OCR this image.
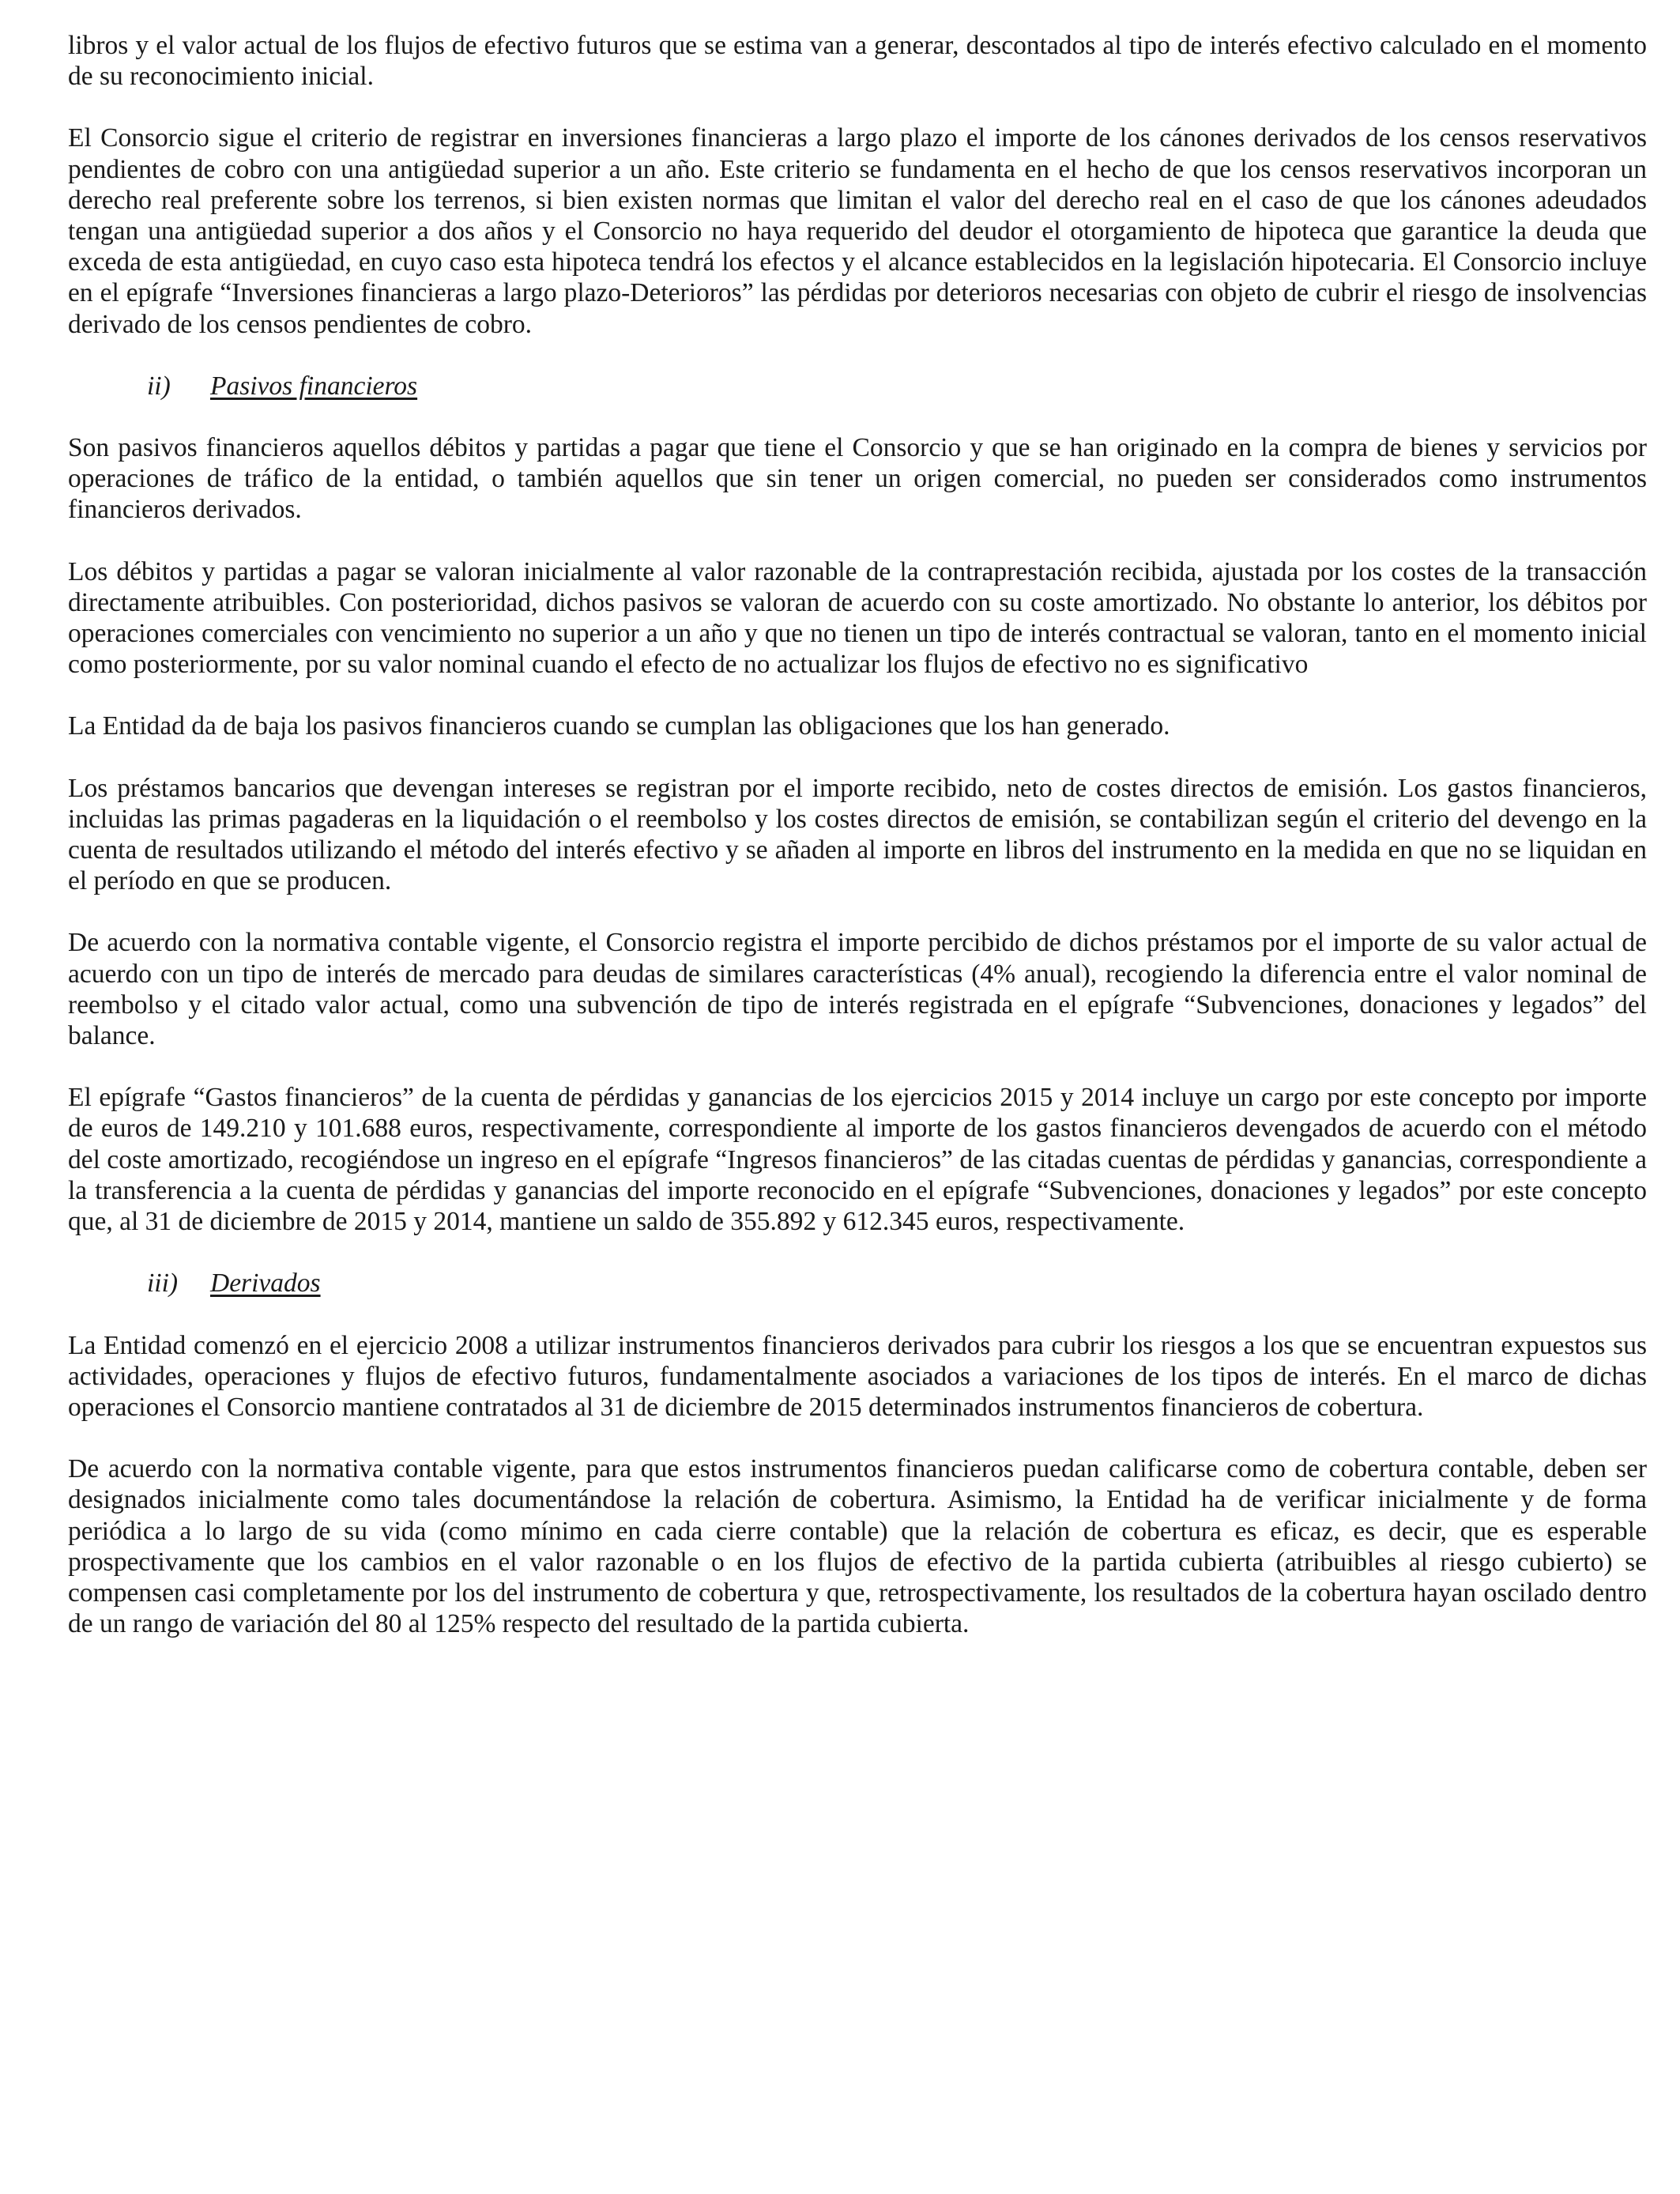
libros y el valor actual de los flujos de efectivo futuros que se estima van a generar, descontados al tipo de interés efectivo calculado en el momento de su reconocimiento inicial.

El Consorcio sigue el criterio de registrar en inversiones financieras a largo plazo el importe de los cánones derivados de los censos reservativos pendientes de cobro con una antigüedad superior a un año. Este criterio se fundamenta en el hecho de que los censos reservativos incorporan un derecho real preferente sobre los terrenos, si bien existen normas que limitan el valor del derecho real en el caso de que los cánones adeudados tengan una antigüedad superior a dos años y el Consorcio no haya requerido del deudor el otorgamiento de hipoteca que garantice la deuda que exceda de esta antigüedad, en cuyo caso esta hipoteca tendrá los efectos y el alcance establecidos en la legislación hipotecaria. El Consorcio incluye en el epígrafe “Inversiones financieras a largo plazo-Deterioros” las pérdidas por deterioros necesarias con objeto de cubrir el riesgo de insolvencias derivado de los censos pendientes de cobro.

ii) Pasivos financieros

Son pasivos financieros aquellos débitos y partidas a pagar que tiene el Consorcio y que se han originado en la compra de bienes y servicios por operaciones de tráfico de la entidad, o también aquellos que sin tener un origen comercial, no pueden ser considerados como instrumentos financieros derivados.

Los débitos y partidas a pagar se valoran inicialmente al valor razonable de la contraprestación recibida, ajustada por los costes de la transacción directamente atribuibles. Con posterioridad, dichos pasivos se valoran de acuerdo con su coste amortizado. No obstante lo anterior, los débitos por operaciones comerciales con vencimiento no superior a un año y que no tienen un tipo de interés contractual se valoran, tanto en el momento inicial como posteriormente, por su valor nominal cuando el efecto de no actualizar los flujos de efectivo no es significativo

La Entidad da de baja los pasivos financieros cuando se cumplan las obligaciones que los han generado.

Los préstamos bancarios que devengan intereses se registran por el importe recibido, neto de costes directos de emisión. Los gastos financieros, incluidas las primas pagaderas en la liquidación o el reembolso y los costes directos de emisión, se contabilizan según el criterio del devengo en la cuenta de resultados utilizando el método del interés efectivo y se añaden al importe en libros del instrumento en la medida en que no se liquidan en el período en que se producen.

De acuerdo con la normativa contable vigente, el Consorcio registra el importe percibido de dichos préstamos por el importe de su valor actual de acuerdo con un tipo de interés de mercado para deudas de similares características (4% anual), recogiendo la diferencia entre el valor nominal de reembolso y el citado valor actual, como una subvención de tipo de interés registrada en el epígrafe “Subvenciones, donaciones y legados” del balance.

El epígrafe “Gastos financieros” de la cuenta de pérdidas y ganancias de los ejercicios 2015 y 2014 incluye un cargo por este concepto por importe de euros de 149.210 y 101.688 euros, respectivamente, correspondiente al importe de los gastos financieros devengados de acuerdo con el método del coste amortizado, recogiéndose un ingreso en el epígrafe “Ingresos financieros” de las citadas cuentas de pérdidas y ganancias, correspondiente a la transferencia a la cuenta de pérdidas y ganancias del importe reconocido en el epígrafe “Subvenciones, donaciones y legados” por este concepto que, al 31 de diciembre de 2015 y 2014, mantiene un saldo de 355.892 y 612.345 euros, respectivamente.

iii) Derivados

La Entidad comenzó en el ejercicio 2008 a utilizar instrumentos financieros derivados para cubrir los riesgos a los que se encuentran expuestos sus actividades, operaciones y flujos de efectivo futuros, fundamentalmente asociados a variaciones de los tipos de interés. En el marco de dichas operaciones el Consorcio mantiene contratados al 31 de diciembre de 2015 determinados instrumentos financieros de cobertura.

De acuerdo con la normativa contable vigente, para que estos instrumentos financieros puedan calificarse como de cobertura contable, deben ser designados inicialmente como tales documentándose la relación de cobertura. Asimismo, la Entidad ha de verificar inicialmente y de forma periódica a lo largo de su vida (como mínimo en cada cierre contable) que la relación de cobertura es eficaz, es decir, que es esperable prospectivamente que los cambios en el valor razonable o en los flujos de efectivo de la partida cubierta (atribuibles al riesgo cubierto) se compensen casi completamente por los del instrumento de cobertura y que, retrospectivamente, los resultados de la cobertura hayan oscilado dentro de un rango de variación del 80 al 125% respecto del resultado de la partida cubierta.
